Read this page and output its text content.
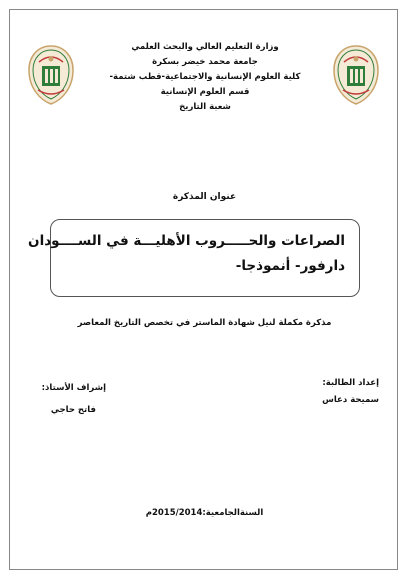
وزارة التعليم العالي والبحث العلمي
جامعة محمد خيضر بسكرة
كلية العلوم الإنسانية والاجتماعية-قطب شتمة-
قسم العلوم الإنسانية
شعبة التاريخ
عنوان المذكرة
الصراعات والحـــــروب الأهليـــة في الســــودان
دارفور- أنموذجا-
مذكرة مكملة لنيل شهادة الماستر في تخصص التاريخ المعاصر
إعداد الطالبة:
سميحة دعاس
إشراف الأستاذ:
فاتح حاجي
السنةالجامعية:2015/2014م
